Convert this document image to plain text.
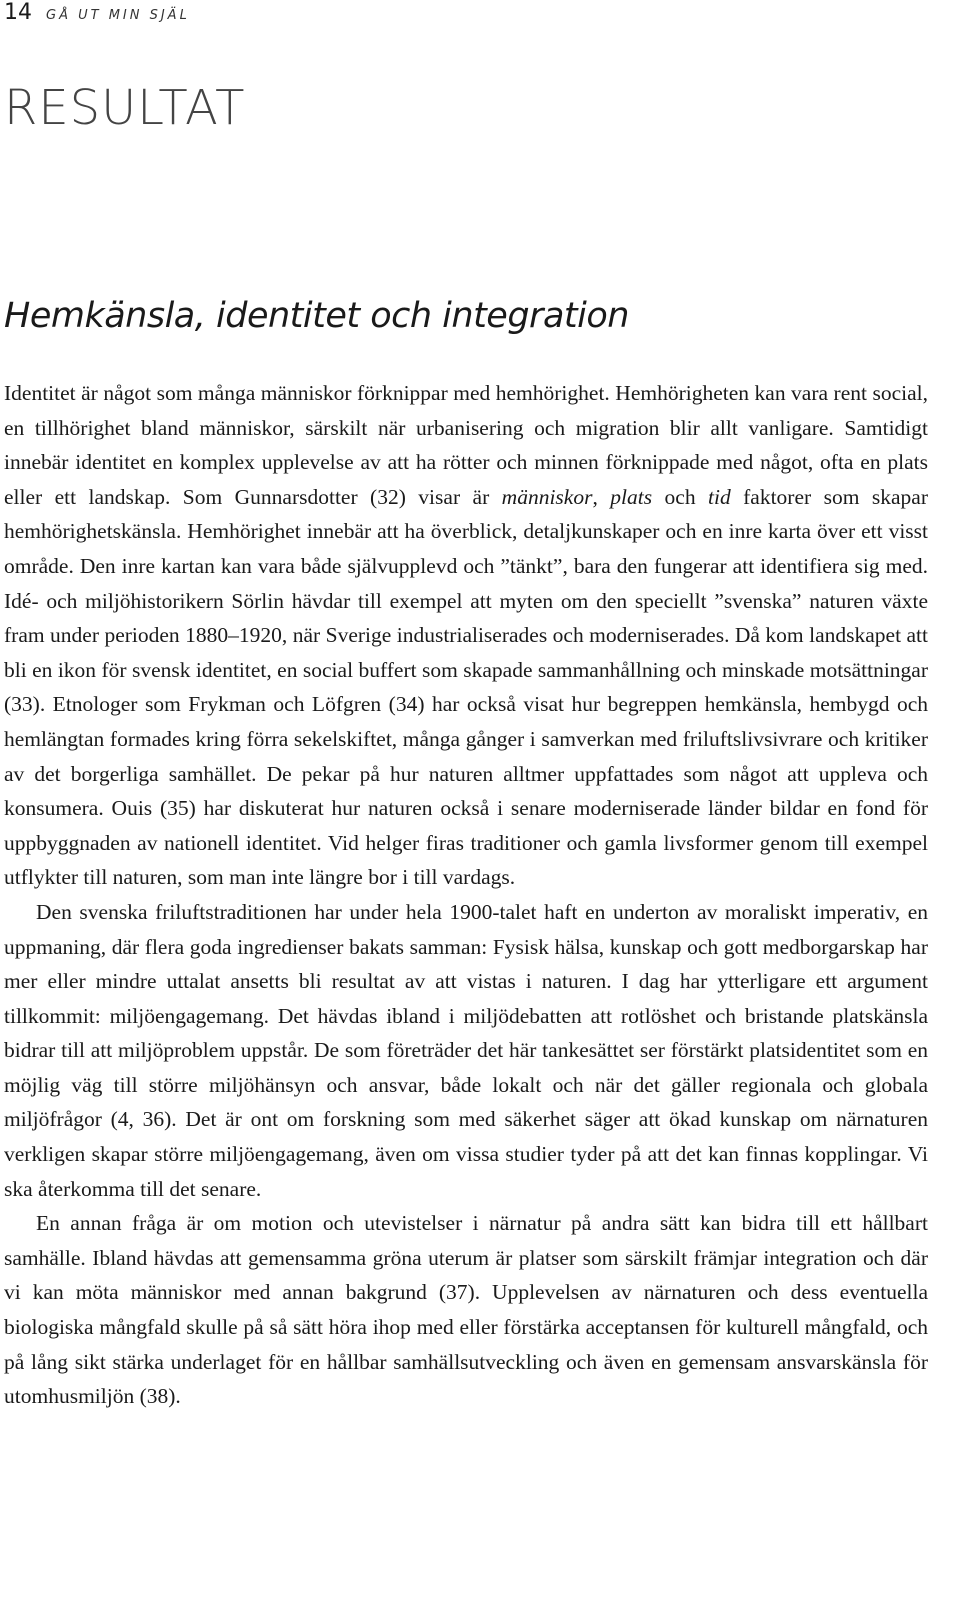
14 GÅ UT MIN SJÄL
RESULTAT
Hemkänsla, identitet och integration

Identitet är något som många människor förknippar med hemhörighet. Hemhörigheten kan vara rent social, en tillhörighet bland människor, särskilt när urbanisering och migration blir allt vanligare. Samtidigt innebär identitet en komplex upplevelse av att ha rötter och minnen förknippade med något, ofta en plats eller ett landskap. Som Gunnarsdotter (32) visar är människor, plats och tid faktorer som skapar hemhörighetskänsla. Hemhörighet innebär att ha överblick, detaljkunskaper och en inre karta över ett visst område. Den inre kartan kan vara både självupplevd och ”tänkt”, bara den fungerar att identifiera sig med. Idé- och miljöhistorikern Sörlin hävdar till exempel att myten om den speciellt ”svenska” naturen växte fram under perioden 1880–1920, när Sverige industrialiserades och moderniserades. Då kom landskapet att bli en ikon för svensk identitet, en social buffert som skapade sammanhållning och minskade motsättningar (33). Etnologer som Frykman och Löfgren (34) har också visat hur begreppen hemkänsla, hembygd och hemlängtan formades kring förra sekelskiftet, många gånger i samverkan med friluftslivsivrare och kritiker av det borgerliga samhället. De pekar på hur naturen alltmer uppfattades som något att uppleva och konsumera. Ouis (35) har diskuterat hur naturen också i senare moderniserade länder bildar en fond för uppbyggnaden av nationell identitet. Vid helger firas traditioner och gamla livsformer genom till exempel utflykter till naturen, som man inte längre bor i till vardags.

Den svenska friluftstraditionen har under hela 1900-talet haft en underton av moraliskt imperativ, en uppmaning, där flera goda ingredienser bakats samman: Fysisk hälsa, kunskap och gott medborgarskap har mer eller mindre uttalat ansetts bli resultat av att vistas i naturen. I dag har ytterligare ett argument tillkommit: miljöengagemang. Det hävdas ibland i miljödebatten att rotlöshet och bristande platskänsla bidrar till att miljöproblem uppstår. De som företräder det här tankesättet ser förstärkt platsidentitet som en möjlig väg till större miljöhänsyn och ansvar, både lokalt och när det gäller regionala och globala miljöfrågor (4, 36). Det är ont om forskning som med säkerhet säger att ökad kunskap om närnaturen verkligen skapar större miljöengagemang, även om vissa studier tyder på att det kan finnas kopplingar. Vi ska återkomma till det senare.

En annan fråga är om motion och utevistelser i närnatur på andra sätt kan bidra till ett hållbart samhälle. Ibland hävdas att gemensamma gröna uterum är platser som särskilt främjar integration och där vi kan möta människor med annan bakgrund (37). Upplevelsen av närnaturen och dess eventuella biologiska mångfald skulle på så sätt höra ihop med eller förstärka acceptansen för kulturell mångfald, och på lång sikt stärka underlaget för en hållbar samhällsutveckling och även en gemensam ansvarskänsla för utomhusmiljön (38).
